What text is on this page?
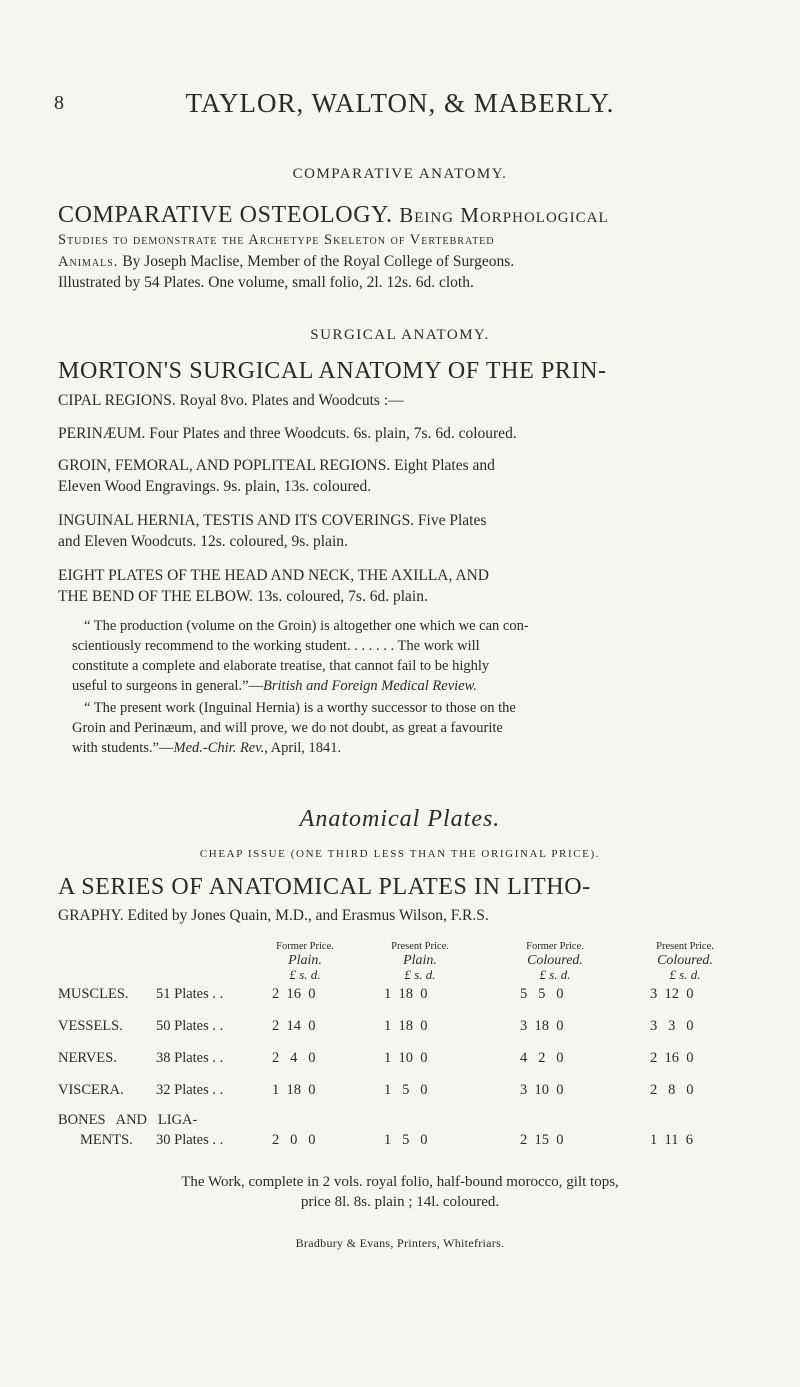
TAYLOR, WALTON, & MABERLY.
8
COMPARATIVE ANATOMY.
COMPARATIVE OSTEOLOGY. Being Morphological
Studies to demonstrate the Archetype Skeleton of Vertebrated
Animals. By Joseph Maclise, Member of the Royal College of Surgeons.
Illustrated by 54 Plates. One volume, small folio, 2l. 12s. 6d. cloth.
SURGICAL ANATOMY.
MORTON'S SURGICAL ANATOMY OF THE PRIN-
CIPAL REGIONS. Royal 8vo. Plates and Woodcuts :—
PERINÆUM. Four Plates and three Woodcuts. 6s. plain, 7s. 6d. coloured.
GROIN, FEMORAL, AND POPLITEAL REGIONS. Eight Plates and
Eleven Wood Engravings. 9s. plain, 13s. coloured.
INGUINAL HERNIA, TESTIS AND ITS COVERINGS. Five Plates
and Eleven Woodcuts. 12s. coloured, 9s. plain.
EIGHT PLATES OF THE HEAD AND NECK, THE AXILLA, AND
THE BEND OF THE ELBOW. 13s. coloured, 7s. 6d. plain.
“ The production (volume on the Groin) is altogether one which we can con-
scientiously recommend to the working student. . . . . . . The work will
constitute a complete and elaborate treatise, that cannot fail to be highly
useful to surgeons in general.”—British and Foreign Medical Review.
“ The present work (Inguinal Hernia) is a worthy successor to those on the
Groin and Perinæum, and will prove, we do not doubt, as great a favourite
with students.”—Med.-Chir. Rev., April, 1841.
Anatomical Plates.
CHEAP ISSUE (ONE THIRD LESS THAN THE ORIGINAL PRICE).
A SERIES OF ANATOMICAL PLATES IN LITHO-
GRAPHY. Edited by Jones Quain, M.D., and Erasmus Wilson, F.R.S.
Former Price.
Plain.
£ s. d.
Present Price.
Plain.
£ s. d.
Former Price.
Coloured.
£ s. d.
Present Price.
Coloured.
£ s. d.
MUSCLES. 51 Plates . .	2  16  0	1  18  0	5   5   0	3  12  0
VESSELS. 50 Plates . .	2  14  0	1  18  0	3  18  0	3   3   0
NERVES.	38 Plates . .	2   4   0	1  10  0	4   2   0	2  16  0
VISCERA. 32 Plates . .	1  18  0	1   5   0	3  10  0	2   8   0
BONES   AND   LIGA-
MENTS. 30 Plates . .	2   0   0	1   5   0	2  15  0	1  11  6
The Work, complete in 2 vols. royal folio, half-bound morocco, gilt tops,
price 8l. 8s. plain ; 14l. coloured.
Bradbury & Evans, Printers, Whitefriars.
